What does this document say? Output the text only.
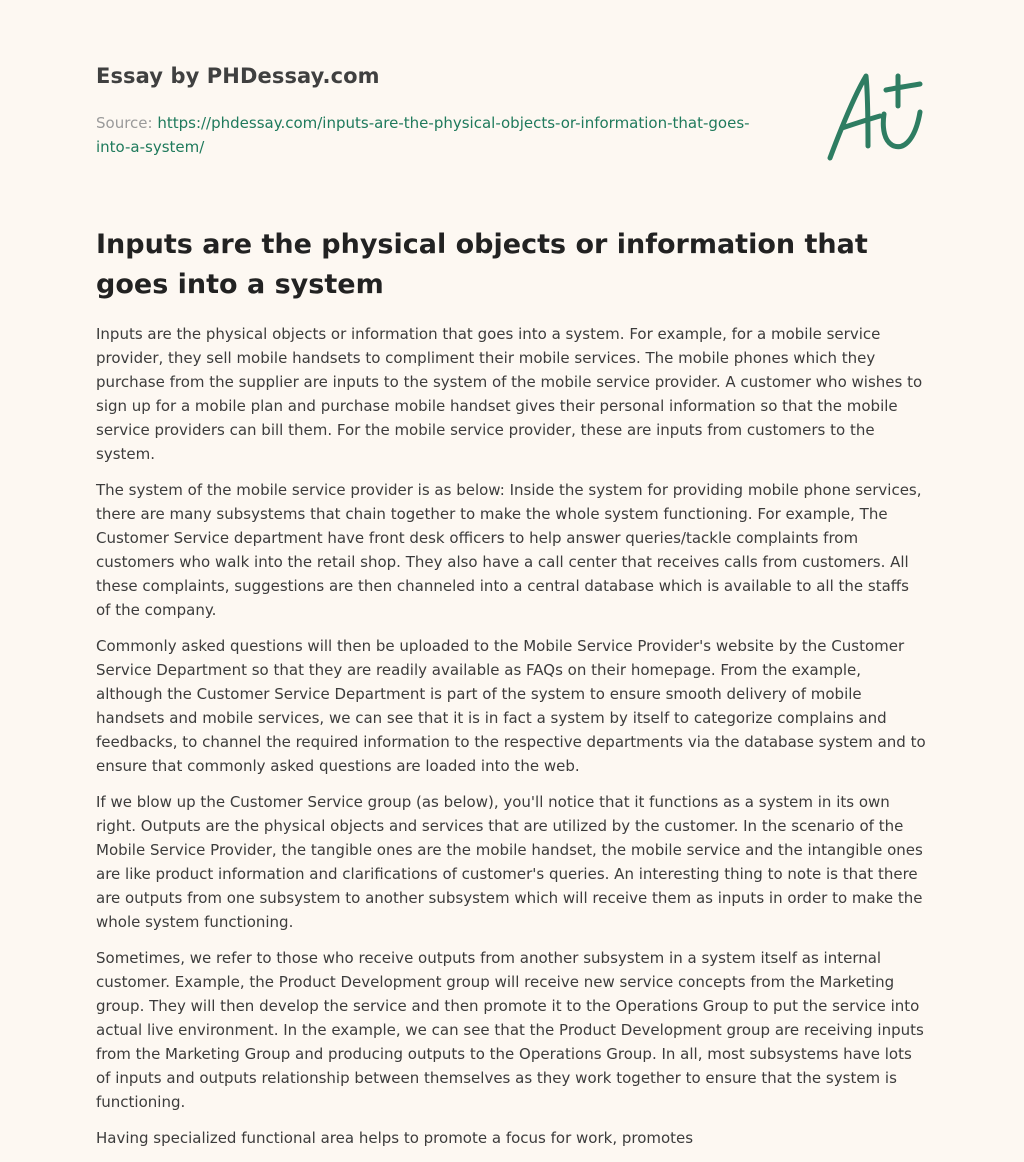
Essay by PHDessay.com
Source: https://phdessay.com/inputs-are-the-physical-objects-or-information-that-goes-into-a-system/
Inputs are the physical objects or information that goes into a system

Inputs are the physical objects or information that goes into a system. For example, for a mobile service provider, they sell mobile handsets to compliment their mobile services. The mobile phones which they purchase from the supplier are inputs to the system of the mobile service provider. A customer who wishes to sign up for a mobile plan and purchase mobile handset gives their personal information so that the mobile service providers can bill them. For the mobile service provider, these are inputs from customers to the system.

The system of the mobile service provider is as below: Inside the system for providing mobile phone services, there are many subsystems that chain together to make the whole system functioning. For example, The Customer Service department have front desk officers to help answer queries/tackle complaints from customers who walk into the retail shop. They also have a call center that receives calls from customers. All these complaints, suggestions are then channeled into a central database which is available to all the staffs of the company.

Commonly asked questions will then be uploaded to the Mobile Service Provider's website by the Customer Service Department so that they are readily available as FAQs on their homepage. From the example, although the Customer Service Department is part of the system to ensure smooth delivery of mobile handsets and mobile services, we can see that it is in fact a system by itself to categorize complains and feedbacks, to channel the required information to the respective departments via the database system and to ensure that commonly asked questions are loaded into the web.

If we blow up the Customer Service group (as below), you'll notice that it functions as a system in its own right. Outputs are the physical objects and services that are utilized by the customer. In the scenario of the Mobile Service Provider, the tangible ones are the mobile handset, the mobile service and the intangible ones are like product information and clarifications of customer's queries. An interesting thing to note is that there are outputs from one subsystem to another subsystem which will receive them as inputs in order to make the whole system functioning.

Sometimes, we refer to those who receive outputs from another subsystem in a system itself as internal customer. Example, the Product Development group will receive new service concepts from the Marketing group. They will then develop the service and then promote it to the Operations Group to put the service into actual live environment. In the example, we can see that the Product Development group are receiving inputs from the Marketing Group and producing outputs to the Operations Group. In all, most subsystems have lots of inputs and outputs relationship between themselves as they work together to ensure that the system is functioning.

Having specialized functional area helps to promote a focus for work, promotes
